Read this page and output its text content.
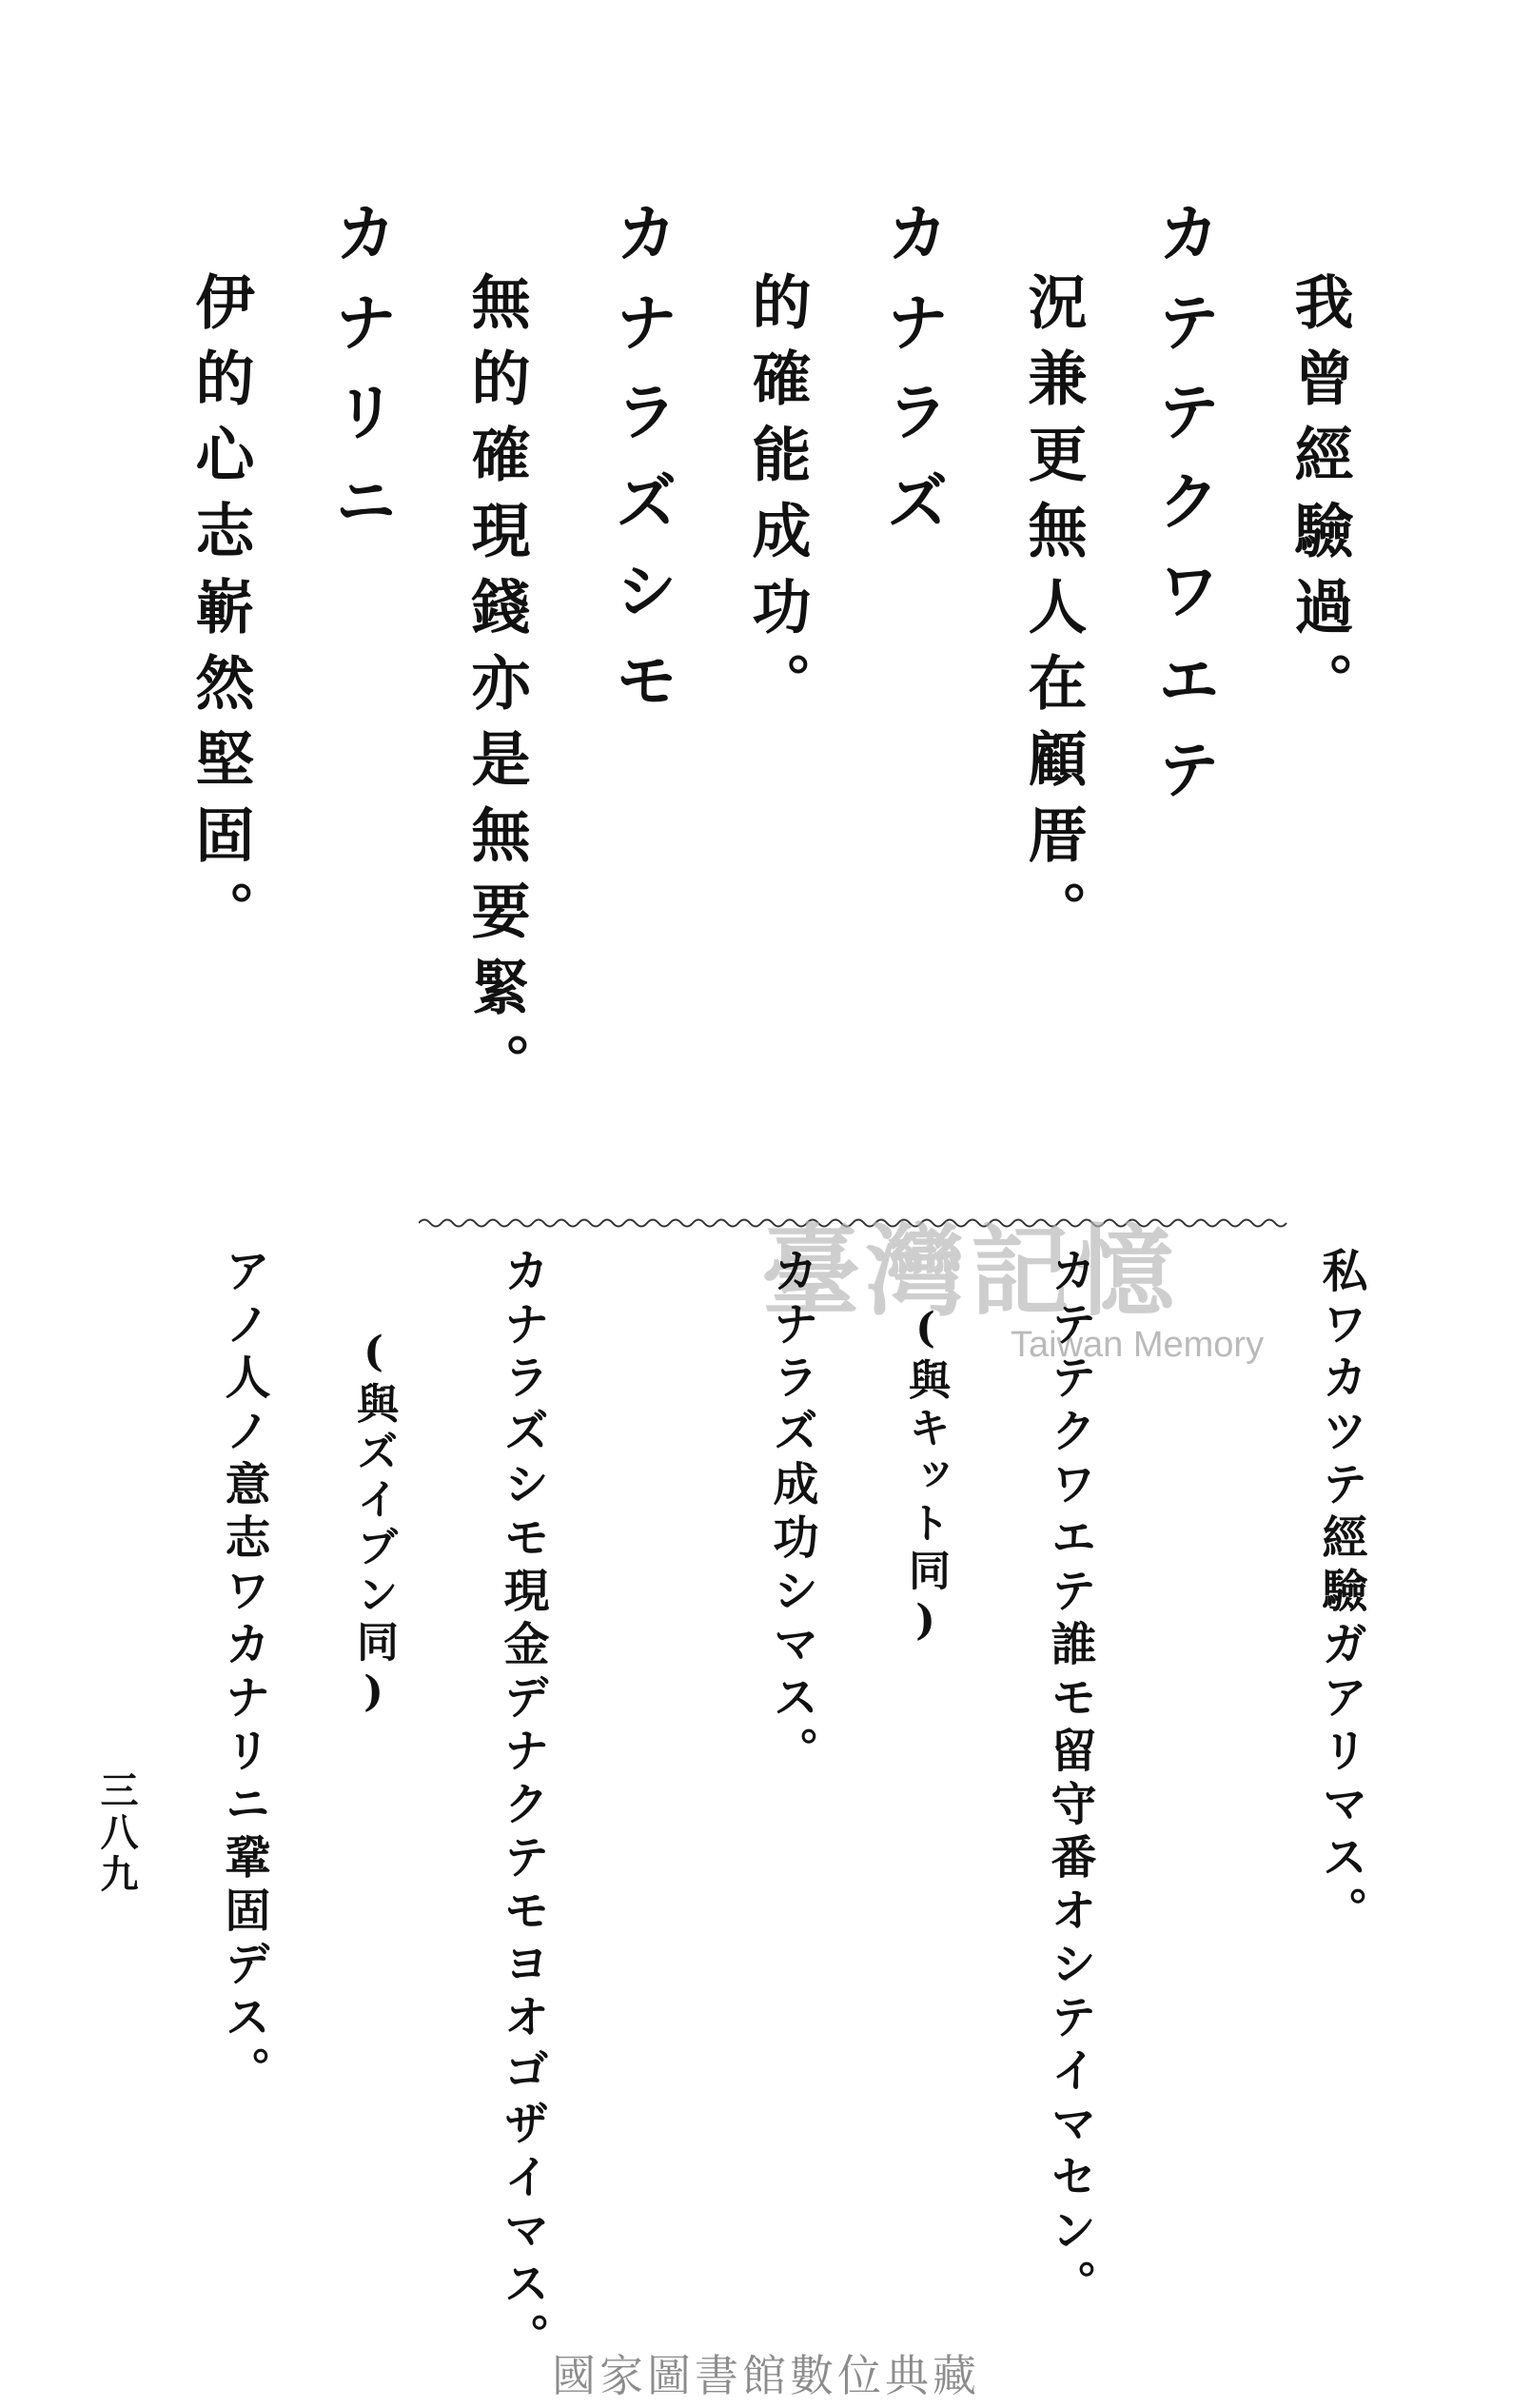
我曾經驗過。
カテテクワエテ
況兼更無人在顧厝。
カナラズ
的確能成功。
カナラズシモ
無的確現錢亦是無要緊。
カナリニ
伊的心志嶄然堅固。
臺灣記憶
Taiwan Memory 私ワカツテ經驗ガアリマス。
カテテクワエテ誰モ留守番オシテイマセン。
(與キット同)
カナラズ成功シマス。
カナラズシモ現金デナクテモヨオゴザイマス。
(與ズイブン同)
アノ人ノ意志ワカナリニ鞏固デス。
三八九
國家圖書館數位典藏
